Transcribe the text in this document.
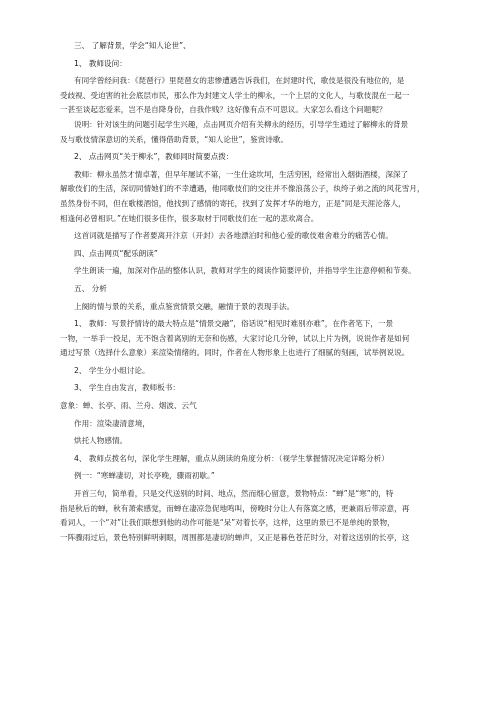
三、 了解背景，学会“知人论世”、
1、 教师设问：
有同学曾经问我：《琵琶行》里琵琶女的悲惨遭遇告诉我们，在封建时代，歌伎是很没有地位的，是
受歧视、受迫害的社会底层市民，那么作为封建文人学士的柳永，一个上层的文化人，与歌伎混在一起一
一甚至谈起恋爱来，岂不是自降身份，自我作贱？这好像有点不可思议。大家怎么看这个问题呢？
说明：针对该生的问题引起学生兴趣，点击网页介绍有关柳永的经历，引导学生通过了解柳永的背景
及与歌伎情深意切的关系，懂得借助背景，“知人论世”，鉴赏诗歌。
2、 点击网页“关于柳永”，教师同时简要点拨：
教师：柳永虽然才情卓著，但早年屡试不第，一生仕途坎坷，生活穷困，经常出入烟街酒楼，深深了
解歌伎们的生活，深切同情她们的不幸遭遇，他同歌伎们的交往并不像浪荡公子，纨绔子弟之流的风花雪月，
虽然身份不同，但在歌楼酒馆，他找到了感情的寄托，找到了发挥才华的地方，正是“同是天涯沦落人，
相逢何必曾相识。”在她们很多佳作，很多取材于同歌伎们在一起的悲欢离合。
这首词就是描写了作者要离开汴京（开封）去各地漂泊时和他心爱的歌伎难舍难分的痛苦心情。
四、点击网页“配乐朗读”
学生朗读一遍，加深对作品的整体认识，教师对学生的阅读作简要评价，并指导学生注意停顿和节奏。
五、 分析
上阕的情与景的关系，重点鉴赏情景交融，融情于景的表现手法。
1、 教师：写景抒情诗的最大特点是“情景交融”，俗话说“相见时难别亦难”，在作者笔下，一景
一物，一举手一投足，无不饱含着离别的无奈和伤感，大家讨论几分钟，试以上片为例，说说作者是如何
通过写景（选择什么意象）来渲染情绪的。同时，作者在人物形象上也进行了细腻的刻画，试举例说说。
2、 学生分小组讨论。
3、 学生自由发言，教师板书：
意象：蝉、长亭、雨、兰舟、烟波、云气
作用：渲染凄清意境，
烘托人物感情。
4、 教师点拨名句，深化学生理解，重点从朗读的角度分析：（视学生掌握情况决定详略分析）
例一：“寒蝉凄切，对长亭晚，骤雨初歇。”
开首三句，简单看，只是交代送别的时间、地点，然而细心留意，景物特点：“蝉”是“寒”的，特
指是秋后的蝉，秋有萧索感觉，而蝉在凄凉急促地鸣叫，傍晚时分让人有落寞之感，更兼雨后带凉意，再
看词人，一个“对”让我们联想到他的动作可能是“呆”对着长亭，这样，这里的景已不是单纯的景物，
一阵骤雨过后，景色特别鲜明刺眼，周围都是凄切的蝉声，又正是暮色苍茫时分，对着这送别的长亭，这
